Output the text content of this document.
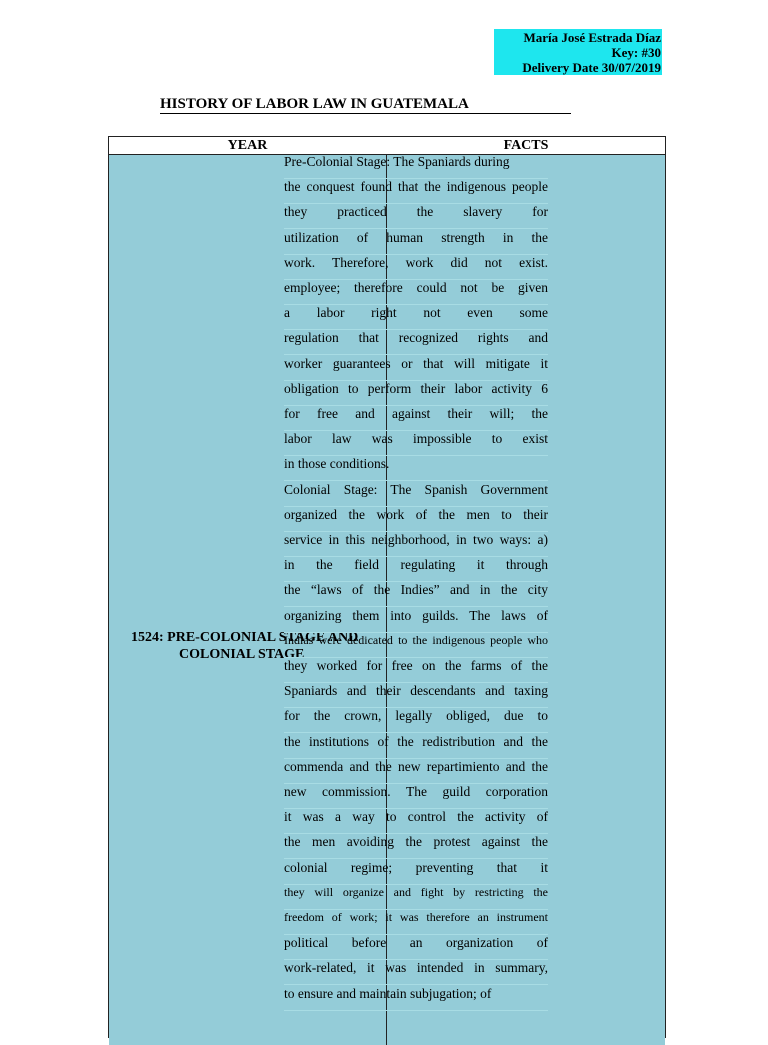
María José Estrada Díaz
Key: #30
Delivery Date 30/07/2019
HISTORY OF LABOR LAW IN GUATEMALA
YEAR	FACTS
1524: PRE-COLONIAL STAGE AND
COLONIAL STAGE
Pre-Colonial Stage: The Spaniards during
the conquest found that the indigenous people
they practiced the slavery for
utilization of human strength in the
work. Therefore, work did not exist.
employee; therefore could not be given
a labor right not even some
regulation that recognized rights and
worker guarantees or that will mitigate it
obligation to perform their labor activity 6
for free and against their will; the
labor law was impossible to exist
in those conditions.
Colonial Stage: The Spanish Government
organized the work of the men to their
service in this neighborhood, in two ways: a)
in the field regulating it through
the “laws of the Indies” and in the city
organizing them into guilds. The laws of
Indias were dedicated to the indigenous people who
they worked for free on the farms of the
Spaniards and their descendants and taxing
for the crown, legally obliged, due to
the institutions of the redistribution and the
commenda and the new repartimiento and the
new commission. The guild corporation
it was a way to control the activity of
the men avoiding the protest against the
colonial regime; preventing that it
they will organize and fight by restricting the
freedom of work; it was therefore an instrument
political before an organization of
work-related, it was intended in summary,
to ensure and maintain subjugation; of
